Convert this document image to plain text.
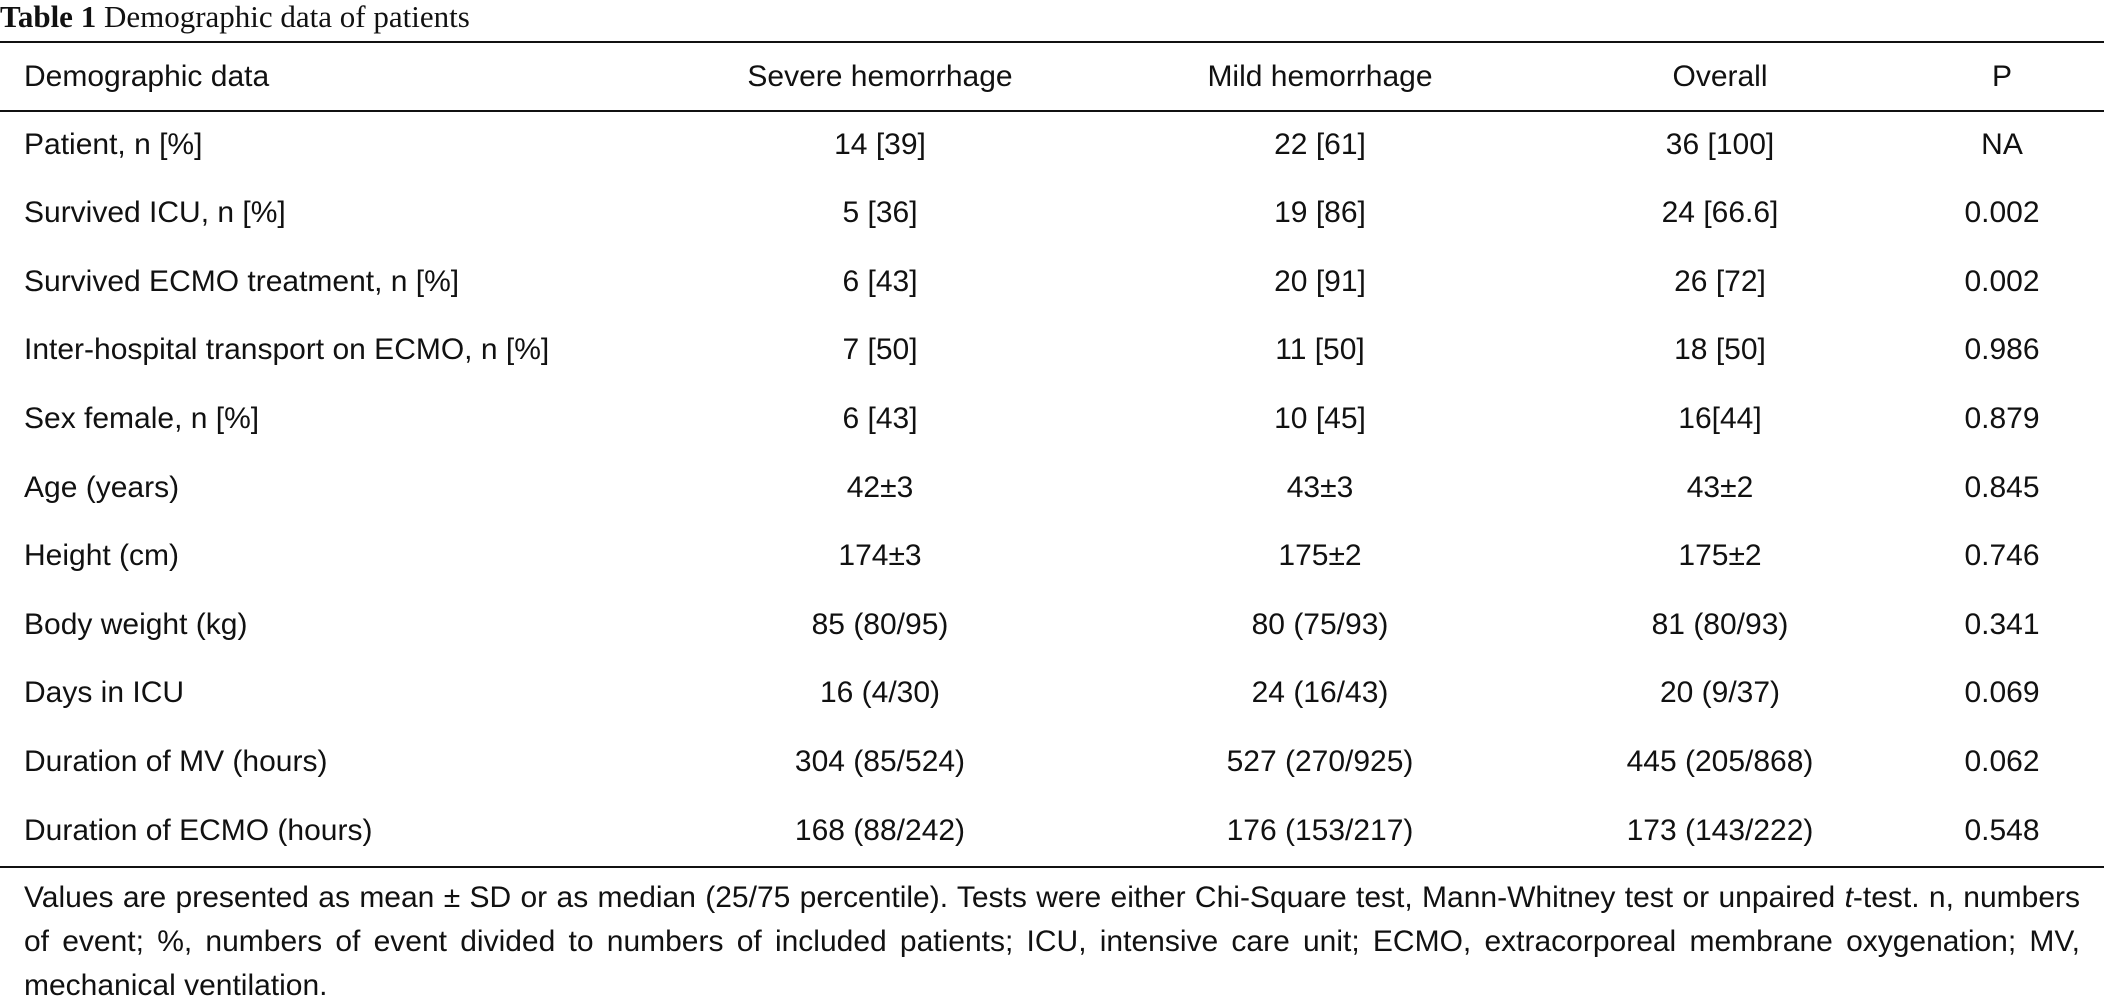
Table 1 Demographic data of patients
Demographic data	Severe hemorrhage	Mild hemorrhage	Overall	P
Patient, n [%]	14 [39]	22 [61]	36 [100]	NA
Survived ICU, n [%]	5 [36]	19 [86]	24 [66.6]	0.002
Survived ECMO treatment, n [%]	6 [43]	20 [91]	26 [72]	0.002
Inter-hospital transport on ECMO, n [%]	7 [50]	11 [50]	18 [50]	0.986
Sex female, n [%]	6 [43]	10 [45]	16[44]	0.879
Age (years)	42±3	43±3	43±2	0.845
Height (cm)	174±3	175±2	175±2	0.746
Body weight (kg)	85 (80/95)	80 (75/93)	81 (80/93)	0.341
Days in ICU	16 (4/30)	24 (16/43)	20 (9/37)	0.069
Duration of MV (hours)	304 (85/524)	527 (270/925)	445 (205/868)	0.062
Duration of ECMO (hours)	168 (88/242)	176 (153/217)	173 (143/222)	0.548
Values are presented as mean ± SD or as median (25/75 percentile). Tests were either Chi-Square test, Mann-Whitney test or unpaired t-test. n, numbers of event; %, numbers of event divided to numbers of included patients; ICU, intensive care unit; ECMO, extracorporeal membrane oxygenation; MV, mechanical ventilation.
